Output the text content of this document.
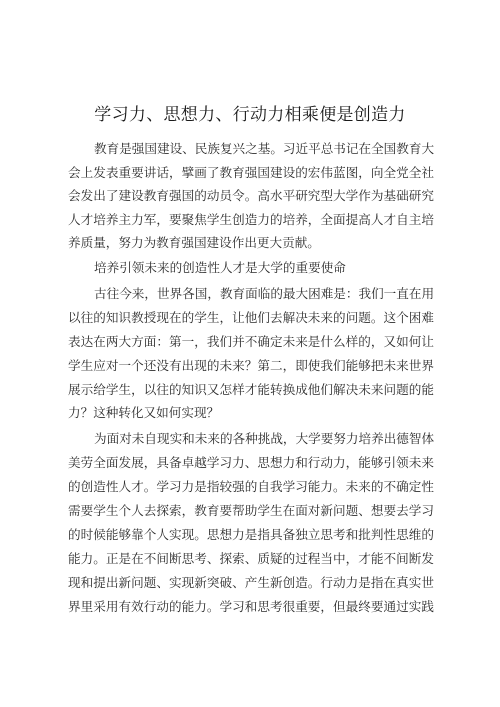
学习力、思想力、行动力相乘便是创造力
教育是强国建设、民族复兴之基。习近平总书记在全国教育大
会上发表重要讲话，擘画了教育强国建设的宏伟蓝图，向全党全社
会发出了建设教育强国的动员令。高水平研究型大学作为基础研究
人才培养主力军，要聚焦学生创造力的培养，全面提高人才自主培
养质量，努力为教育强国建设作出更大贡献。
培养引领未来的创造性人才是大学的重要使命
古往今来，世界各国，教育面临的最大困难是：我们一直在用
以往的知识教授现在的学生，让他们去解决未来的问题。这个困难
表达在两大方面：第一，我们并不确定未来是什么样的，又如何让
学生应对一个还没有出现的未来？第二，即使我们能够把未来世界
展示给学生，以往的知识又怎样才能转换成他们解决未来问题的能
力？这种转化又如何实现？
为面对未自现实和未来的各种挑战，大学要努力培养出德智体
美劳全面发展，具备卓越学习力、思想力和行动力，能够引领未来
的创造性人才。学习力是指较强的自我学习能力。未来的不确定性
需要学生个人去探索，教育要帮助学生在面对新问题、想要去学习
的时候能够靠个人实现。思想力是指具备独立思考和批判性思维的
能力。正是在不间断思考、探索、质疑的过程当中，才能不间断发
现和提出新问题、实现新突破、产生新创造。行动力是指在真实世
界里采用有效行动的能力。学习和思考很重要，但最终要通过实践
